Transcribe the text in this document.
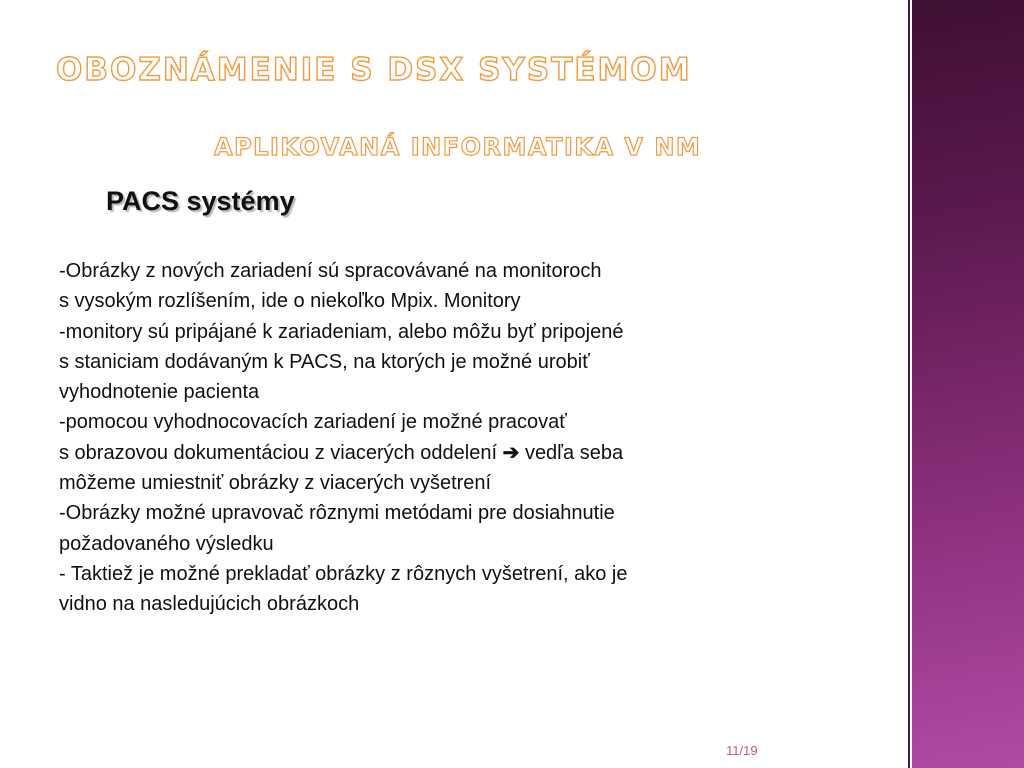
OBOZNÁMENIE S DSX SYSTÉMOM
APLIKOVANÁ INFORMATIKA V NM
PACS systémy
-Obrázky z nových zariadení sú spracovávané na monitoroch
s vysokým rozlíšením, ide o niekoľko Mpix. Monitory
-monitory sú pripájané k zariadeniam, alebo môžu byť pripojené
s staniciam dodávaným k PACS, na ktorých je možné urobiť
vyhodnotenie pacienta
-pomocou vyhodnocovacích zariadení je možné pracovať
s obrazovou dokumentáciou z viacerých oddelení ➔ vedľa seba
môžeme umiestniť obrázky z viacerých vyšetrení
-Obrázky možné upravovač rôznymi metódami pre dosiahnutie
požadovaného výsledku
- Taktiež je možné prekladať obrázky z rôznych vyšetrení, ako je
vidno na nasledujúcich obrázkoch
11/19
